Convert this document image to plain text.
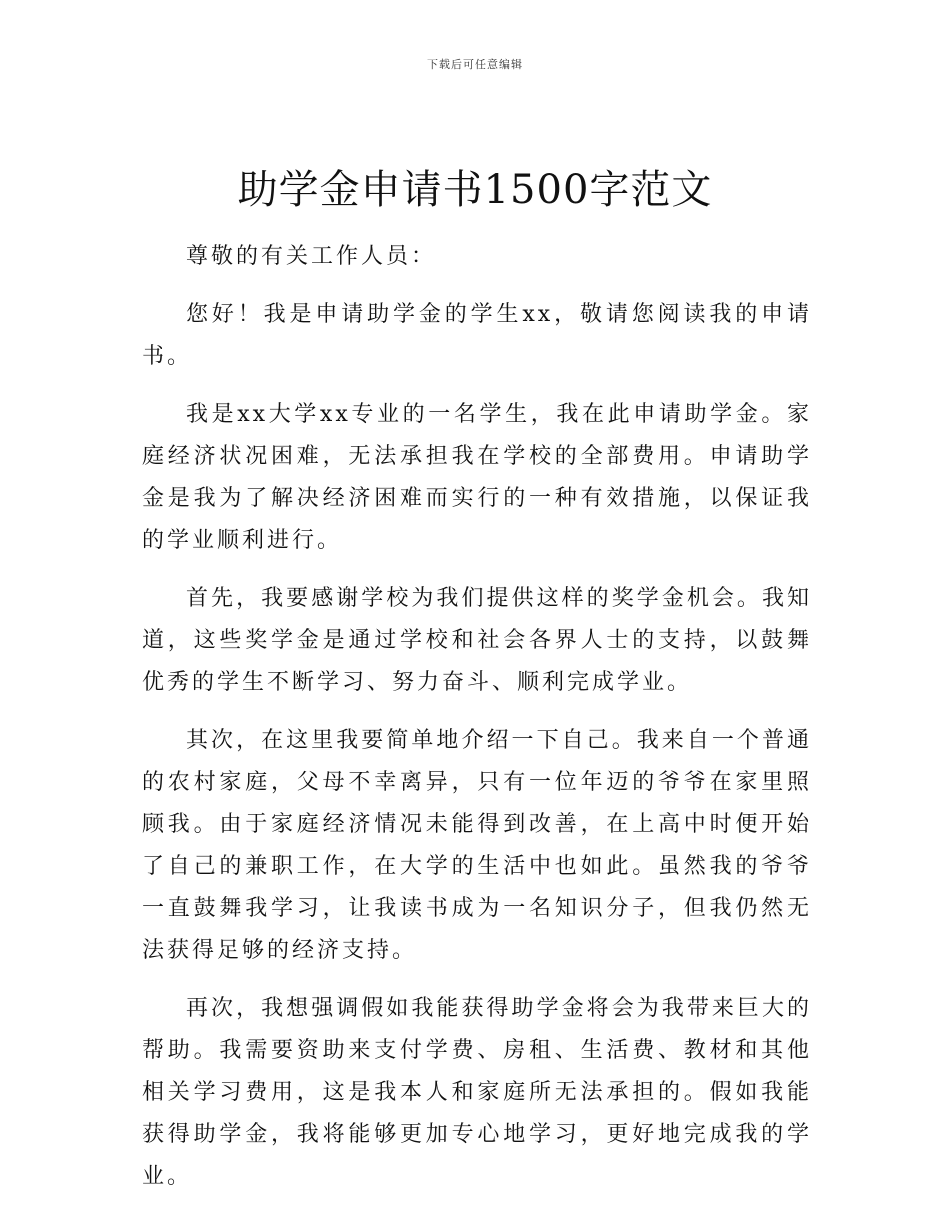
下载后可任意编辑
助学金申请书1500字范文

尊敬的有关工作人员：

您好！我是申请助学金的学生xx，敬请您阅读我的申请书。

我是xx大学xx专业的一名学生，我在此申请助学金。家庭经济状况困难，无法承担我在学校的全部费用。申请助学金是我为了解决经济困难而实行的一种有效措施，以保证我的学业顺利进行。

首先，我要感谢学校为我们提供这样的奖学金机会。我知道，这些奖学金是通过学校和社会各界人士的支持，以鼓舞优秀的学生不断学习、努力奋斗、顺利完成学业。

其次，在这里我要简单地介绍一下自己。我来自一个普通的农村家庭，父母不幸离异，只有一位年迈的爷爷在家里照顾我。由于家庭经济情况未能得到改善，在上高中时便开始了自己的兼职工作，在大学的生活中也如此。虽然我的爷爷一直鼓舞我学习，让我读书成为一名知识分子，但我仍然无法获得足够的经济支持。

再次，我想强调假如我能获得助学金将会为我带来巨大的帮助。我需要资助来支付学费、房租、生活费、教材和其他相关学习费用，这是我本人和家庭所无法承担的。假如我能获得助学金，我将能够更加专心地学习，更好地完成我的学业。
